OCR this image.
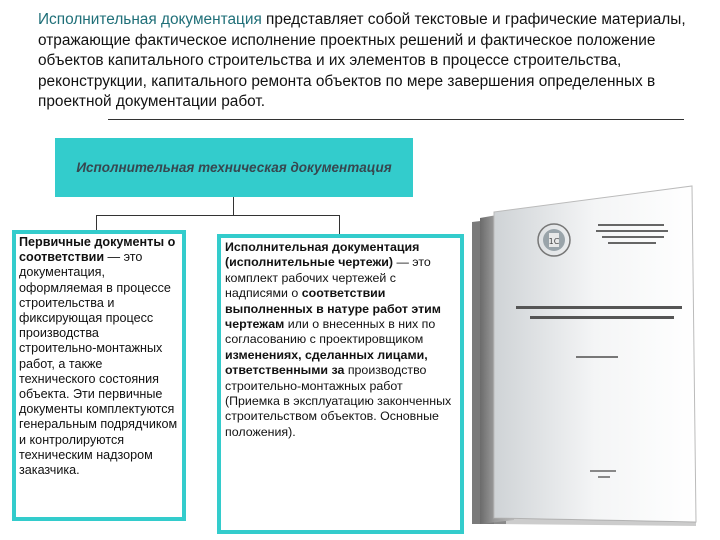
Исполнительная документация представляет собой текстовые и графические материалы, отражающие фактическое исполнение проектных решений и фактическое положение объектов капитального строительства и их элементов в процессе строительства, реконструкции, капитального ремонта объектов по мере завершения определенных в проектной документации работ.
Исполнительная техническая документация
Первичные документы о соответствии — это документация, оформляемая в процессе строительства и фиксирующая процесс производства строительно-монтажных работ, а также технического состояния объекта. Эти первичные документы комплектуются генеральным подрядчиком и контролируются техническим надзором заказчика.
Исполнительная документация (исполнительные чертежи) — это комплект рабочих чертежей с надписями о соответствии выполненных в натуре работ этим чертежам или о внесенных в них по согласованию с проектировщиком изменениях, сделанных лицами, ответственными за производство строительно-монтажных работ (Приемка в эксплуатацию законченных строительством объектов. Основные положения).
1С
